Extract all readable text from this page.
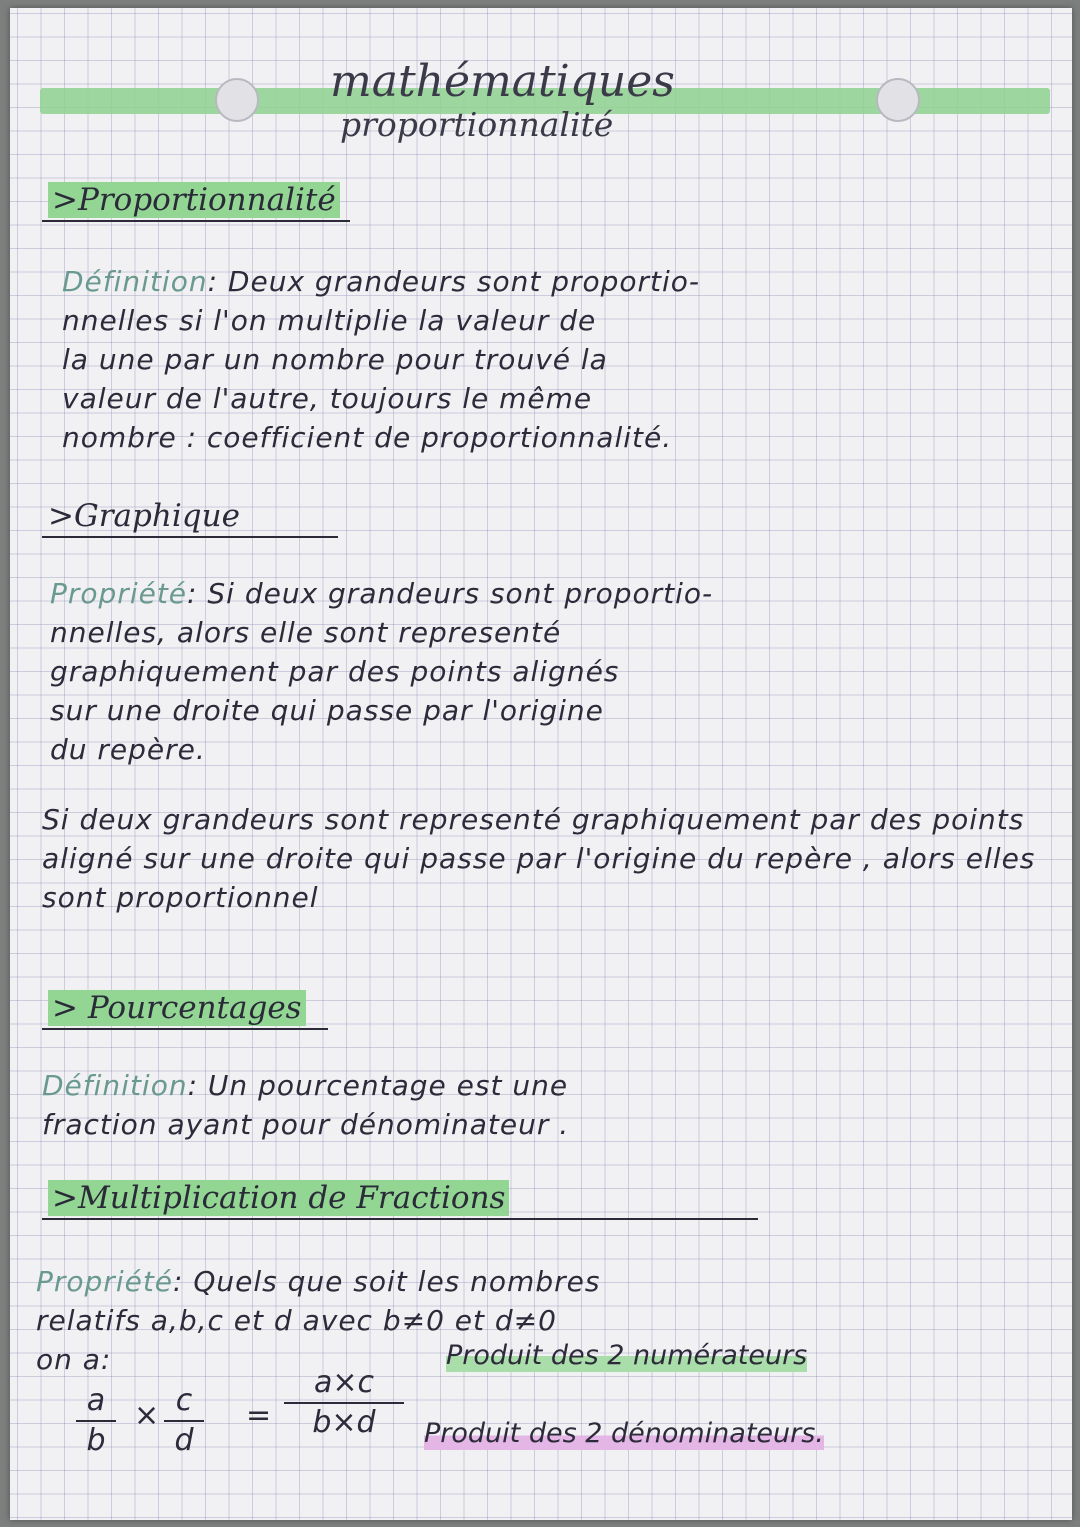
mathématiques
proportionnalité
>Proportionnalité
Définition: Deux grandeurs sont proportio-
nnelles si l'on multiplie la valeur de
la une par un nombre pour trouvé la
valeur de l'autre, toujours le même
nombre : coefficient de proportionnalité.
>Graphique
Propriété: Si deux grandeurs sont proportio-
nnelles, alors elle sont representé
graphiquement par des points alignés
sur une droite qui passe par l'origine
du repère.
Si deux grandeurs sont representé graphiquement par des points aligné sur une droite qui passe par l'origine du repère , alors elles sont proportionnel
> Pourcentages
Définition: Un pourcentage est une
fraction ayant pour dénominateur .
>Multiplication de Fractions
Propriété: Quels que soit les nombres
relatifs a,b,c et d avec b≠0 et d≠0
on a:
a
b
× c
d
=
a×c
b×d
Produit des 2 numérateurs
Produit des 2 dénominateurs.
